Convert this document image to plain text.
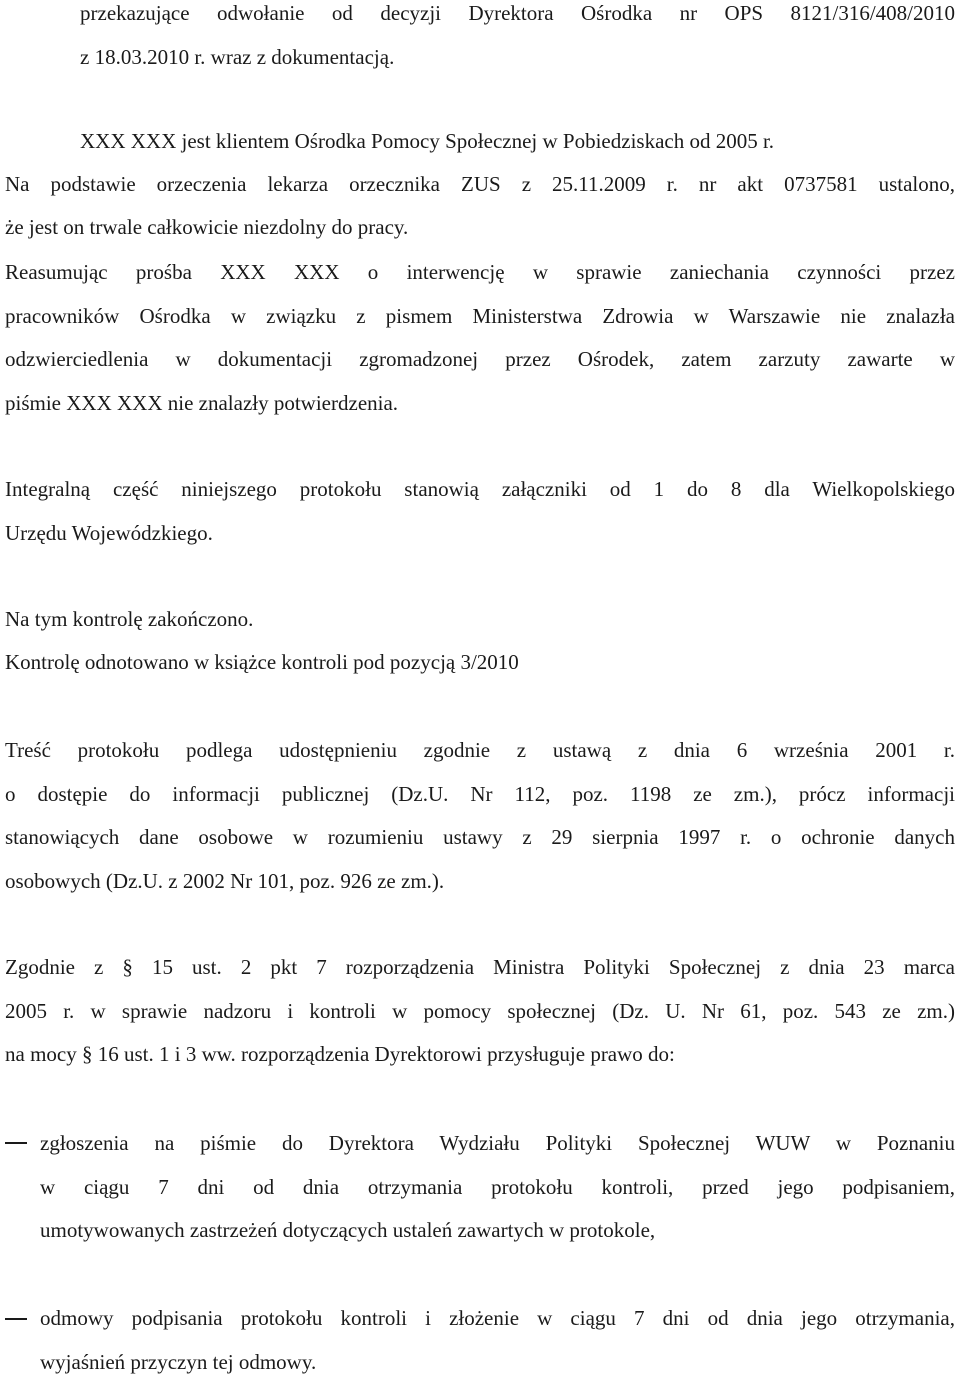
przekazujące odwołanie od decyzji Dyrektora Ośrodka nr OPS 8121/316/408/2010
z 18.03.2010 r. wraz z dokumentacją.
XXX XXX jest klientem Ośrodka Pomocy Społecznej w Pobiedziskach od 2005 r.
Na podstawie orzeczenia lekarza orzecznika ZUS z 25.11.2009 r. nr akt 0737581 ustalono,
że jest on trwale całkowicie niezdolny do pracy.
Reasumując prośba XXX XXX o interwencję w sprawie zaniechania czynności przez
pracowników Ośrodka w związku z pismem Ministerstwa Zdrowia w Warszawie nie znalazła
odzwierciedlenia w dokumentacji zgromadzonej przez Ośrodek, zatem zarzuty zawarte w
piśmie XXX XXX nie znalazły potwierdzenia.
Integralną część niniejszego protokołu stanowią załączniki od 1 do 8 dla Wielkopolskiego
Urzędu Wojewódzkiego.
Na tym kontrolę zakończono.
Kontrolę odnotowano w książce kontroli pod pozycją 3/2010
Treść protokołu podlega udostępnieniu zgodnie z ustawą z dnia 6 września 2001 r.
o dostępie do informacji publicznej (Dz.U. Nr 112, poz. 1198 ze zm.), prócz informacji
stanowiących dane osobowe w rozumieniu ustawy z 29 sierpnia 1997 r. o ochronie danych
osobowych (Dz.U. z 2002 Nr 101, poz. 926 ze zm.).
Zgodnie z § 15 ust. 2 pkt 7 rozporządzenia Ministra Polityki Społecznej z dnia 23 marca
2005 r. w sprawie nadzoru i kontroli w pomocy społecznej (Dz. U. Nr 61, poz. 543 ze zm.)
na mocy § 16 ust. 1 i 3 ww. rozporządzenia Dyrektorowi przysługuje prawo do:
zgłoszenia na piśmie do Dyrektora Wydziału Polityki Społecznej WUW w Poznaniu
w ciągu 7 dni od dnia otrzymania protokołu kontroli, przed jego podpisaniem,
umotywowanych zastrzeżeń dotyczących ustaleń zawartych w protokole,
odmowy podpisania protokołu kontroli i złożenie w ciągu 7 dni od dnia jego otrzymania,
wyjaśnień przyczyn tej odmowy.
